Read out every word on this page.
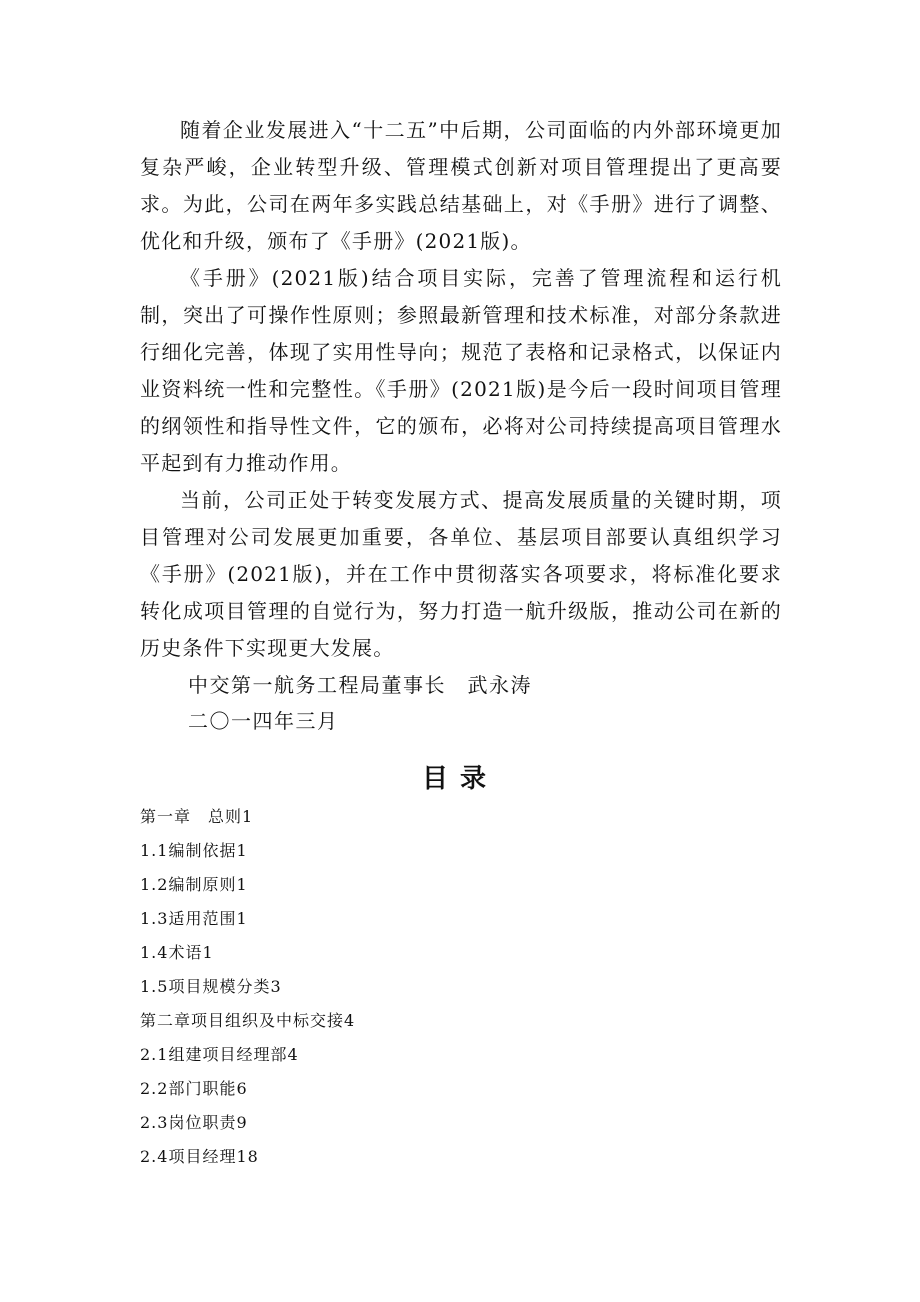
随着企业发展进入“十二五”中后期，公司面临的内外部环境更加复杂严峻，企业转型升级、管理模式创新对项目管理提出了更高要求。为此，公司在两年多实践总结基础上，对《手册》进行了调整、优化和升级，颁布了《手册》(2021版)。

《手册》(2021版)结合项目实际，完善了管理流程和运行机制，突出了可操作性原则；参照最新管理和技术标准，对部分条款进行细化完善，体现了实用性导向；规范了表格和记录格式，以保证内业资料统一性和完整性。《手册》(2021版)是今后一段时间项目管理的纲领性和指导性文件，它的颁布，必将对公司持续提高项目管理水平起到有力推动作用。

当前，公司正处于转变发展方式、提高发展质量的关键时期，项目管理对公司发展更加重要，各单位、基层项目部要认真组织学习《手册》(2021版)，并在工作中贯彻落实各项要求，将标准化要求转化成项目管理的自觉行为，努力打造一航升级版，推动公司在新的历史条件下实现更大发展。

中交第一航务工程局董事长　武永涛

二〇一四年三月

目录
第一章　总则1
1.1编制依据1
1.2编制原则1
1.3适用范围1
1.4术语1
1.5项目规模分类3
第二章项目组织及中标交接4
2.1组建项目经理部4
2.2部门职能6
2.3岗位职责9
2.4项目经理18
